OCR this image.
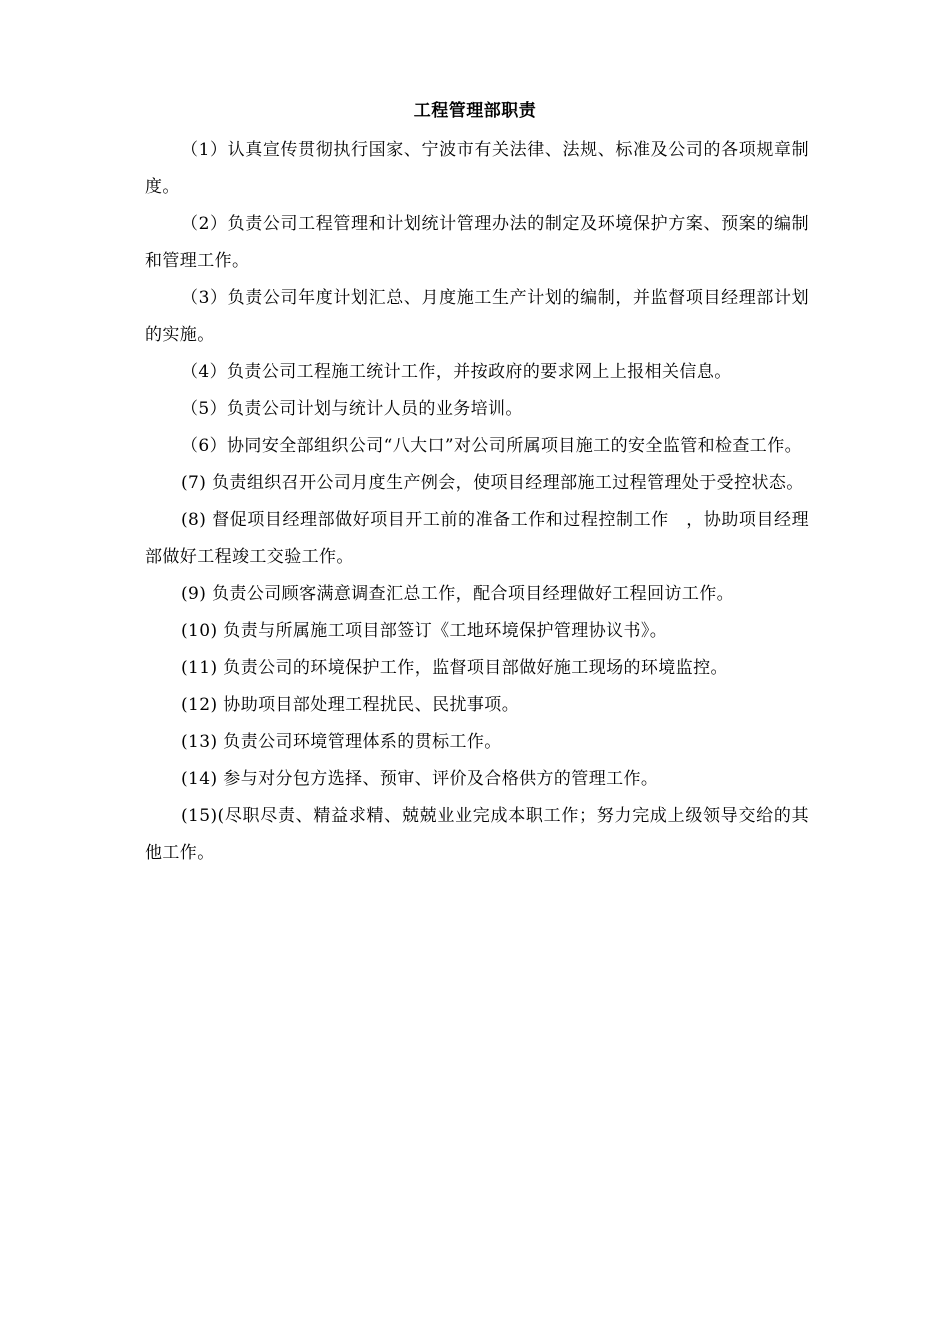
工程管理部职责

（1）认真宣传贯彻执行国家、宁波市有关法律、法规、标准及公司的各项规章制度。

（2）负责公司工程管理和计划统计管理办法的制定及环境保护方案、预案的编制和管理工作。

（3）负责公司年度计划汇总、月度施工生产计划的编制，并监督项目经理部计划的实施。

（4）负责公司工程施工统计工作，并按政府的要求网上上报相关信息。

（5）负责公司计划与统计人员的业务培训。

（6）协同安全部组织公司“八大口”对公司所属项目施工的安全监管和检查工作。

(7) 负责组织召开公司月度生产例会，使项目经理部施工过程管理处于受控状态。

(8) 督促项目经理部做好项目开工前的准备工作和过程控制工作　，协助项目经理部做好工程竣工交验工作。

(9) 负责公司顾客满意调查汇总工作，配合项目经理做好工程回访工作。

(10) 负责与所属施工项目部签订《工地环境保护管理协议书》。

(11) 负责公司的环境保护工作，监督项目部做好施工现场的环境监控。

(12) 协助项目部处理工程扰民、民扰事项。

(13) 负责公司环境管理体系的贯标工作。

(14) 参与对分包方选择、预审、评价及合格供方的管理工作。

(15)(尽职尽责、精益求精、兢兢业业完成本职工作；努力完成上级领导交给的其他工作。
